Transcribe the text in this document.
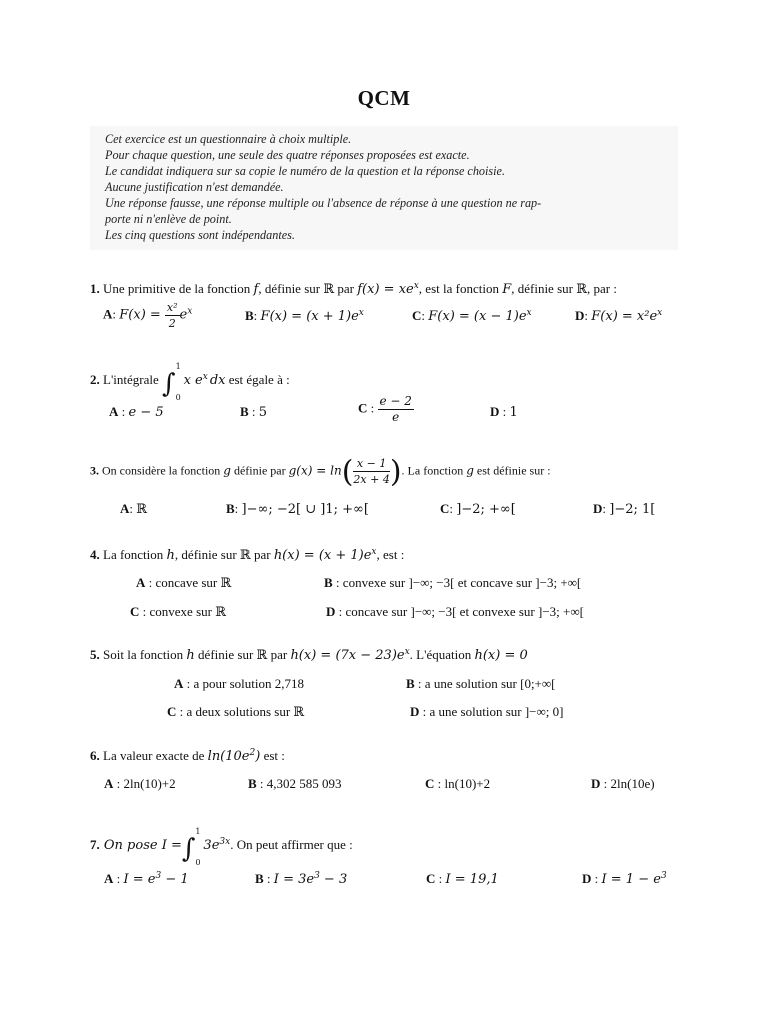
QCM
Cet exercice est un questionnaire à choix multiple.
Pour chaque question, une seule des quatre réponses proposées est exacte.
Le candidat indiquera sur sa copie le numéro de la question et la réponse choisie.
Aucune justification n'est demandée.
Une réponse fausse, une réponse multiple ou l'absence de réponse à une question ne rap-
porte ni n'enlève de point.
Les cinq questions sont indépendantes.
1. Une primitive de la fonction f, définie sur ℝ par $f(x) = xe^x$, est la fonction F, définie sur ℝ, par :
A: $F(x) = \frac{\text{x²}}{2} e^x$	B: $F(x) = (x + 1)e^x$	C: $F(x) = (x - 1)e^x$	D: $F(x) = x^2e^x$
2. L'intégrale ∫
1
0
x $e^x$ dx est égale à :
A : e − 5	B : 5	C : $\frac{e - 2}{e}$	D : 1
3. On considère la fonction g définie par $g(x) = \ln( \frac{x - 1}{2x + 4}$ ). La fonction g est définie sur :
A: ℝ	B: ]−∞; −2[ ∪ ]1; +∞[	C: ]−2; +∞[	D: ]−2; 1[
4. La fonction h, définie sur ℝ par $h(x) = (x + 1)e^x$, est :
A : concave sur ℝ	B : convexe sur ]−∞; −3[ et concave sur ]−3; +∞[
C : convexe sur ℝ	D : concave sur ]−∞; −3[ et convexe sur ]−3; +∞[
5. Soit la fonction h définie sur ℝ par $h(x) = (7x - 23)e^x$. L'équation h(x) = 0
A : a pour solution 2,718	B : a une solution sur [0;+∞[
C : a deux solutions sur ℝ	D : a une solution sur ]−∞; 0]
6. La valeur exacte de $\ln(10e^2)$ est :
A : 2ln(10)+2	B : 4,302 585 093	C : ln(10)+2	D : 2ln(10e)
7. On pose I =∫
1
0
$3e^{3x}$. On peut affirmer que :
A : $I = e^3 - 1$	B : $I = 3e^3 - 3$	C : I = 19,1	D : $I = 1 - e^3$
